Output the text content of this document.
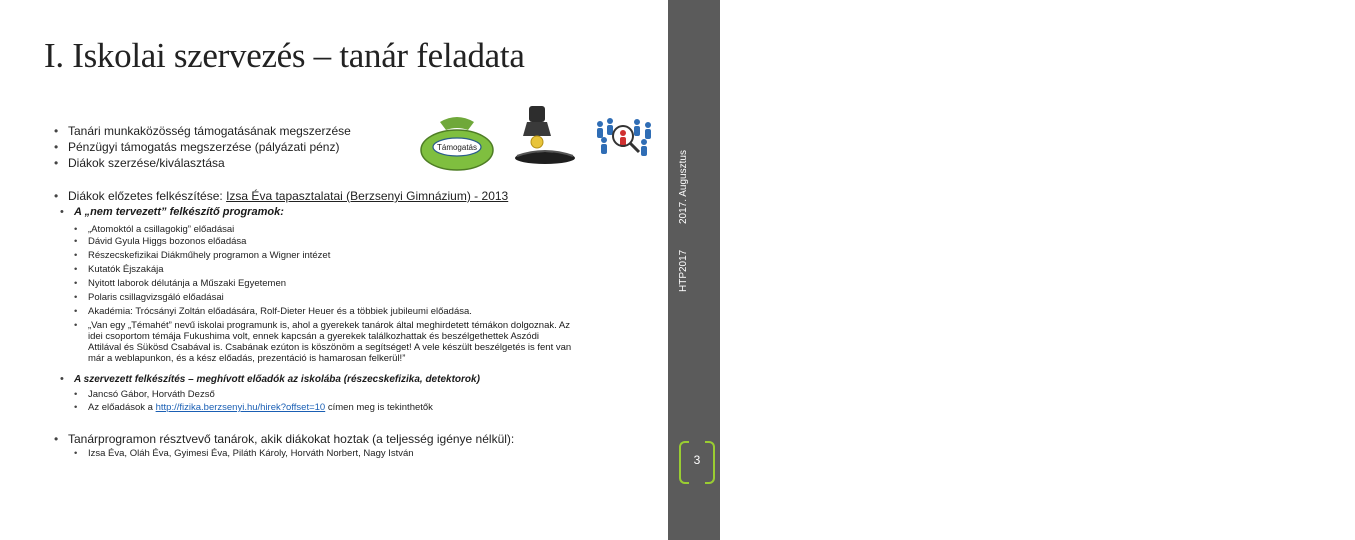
I. Iskolai szervezés – tanár feladata
HTP2017
2017. Augusztus
HTP2017
2017. Augusztus
3
Támogatás
• Tanári munkaközösség támogatásának megszerzése
• Pénzügyi támogatás megszerzése (pályázati pénz)
• Diákok szerzése/kiválasztása
• Diákok előzetes felkészítése: Izsa Éva tapasztalatai (Berzsenyi Gimnázium) - 2013
• A „nem tervezett” felkészítő programok:
• „Atomoktól a csillagokig” előadásai
• Dávid Gyula Higgs bozonos előadása
• Részecskefizikai Diákműhely programon a Wigner intézet
• Kutatók Éjszakája
• Nyitott laborok délutánja a Műszaki Egyetemen
• Polaris csillagvizsgáló előadásai
• Akadémia: Trócsányi Zoltán előadására, Rolf-Dieter Heuer és a többiek jubileumi előadása.
•	„Van egy „Témahét” nevű iskolai programunk is, ahol a gyerekek tanárok által meghirdetett témákon dolgoznak. Az idei csoportom témája Fukushima volt, ennek kapcsán a gyerekek találkozhattak és beszélgethettek Aszódi Attilával és Sükösd Csabával is. Csabának ezúton is köszönöm a segítséget! A vele készült beszélgetés is fent van már a weblapunkon, és a kész előadás, prezentáció is hamarosan felkerül!”
• A szervezett felkészítés – meghívott előadók az iskolába (részecskefizika, detektorok)
• Jancsó Gábor, Horváth Dezső
• Az előadások a http://fizika.berzsenyi.hu/hirek?offset=10 címen meg is tekinthetők
• Tanárprogramon résztvevő tanárok, akik diákokat hoztak (a teljesség igénye nélkül):
• Izsa Éva, Oláh Éva, Gyimesi Éva, Piláth Károly, Horváth Norbert, Nagy István
